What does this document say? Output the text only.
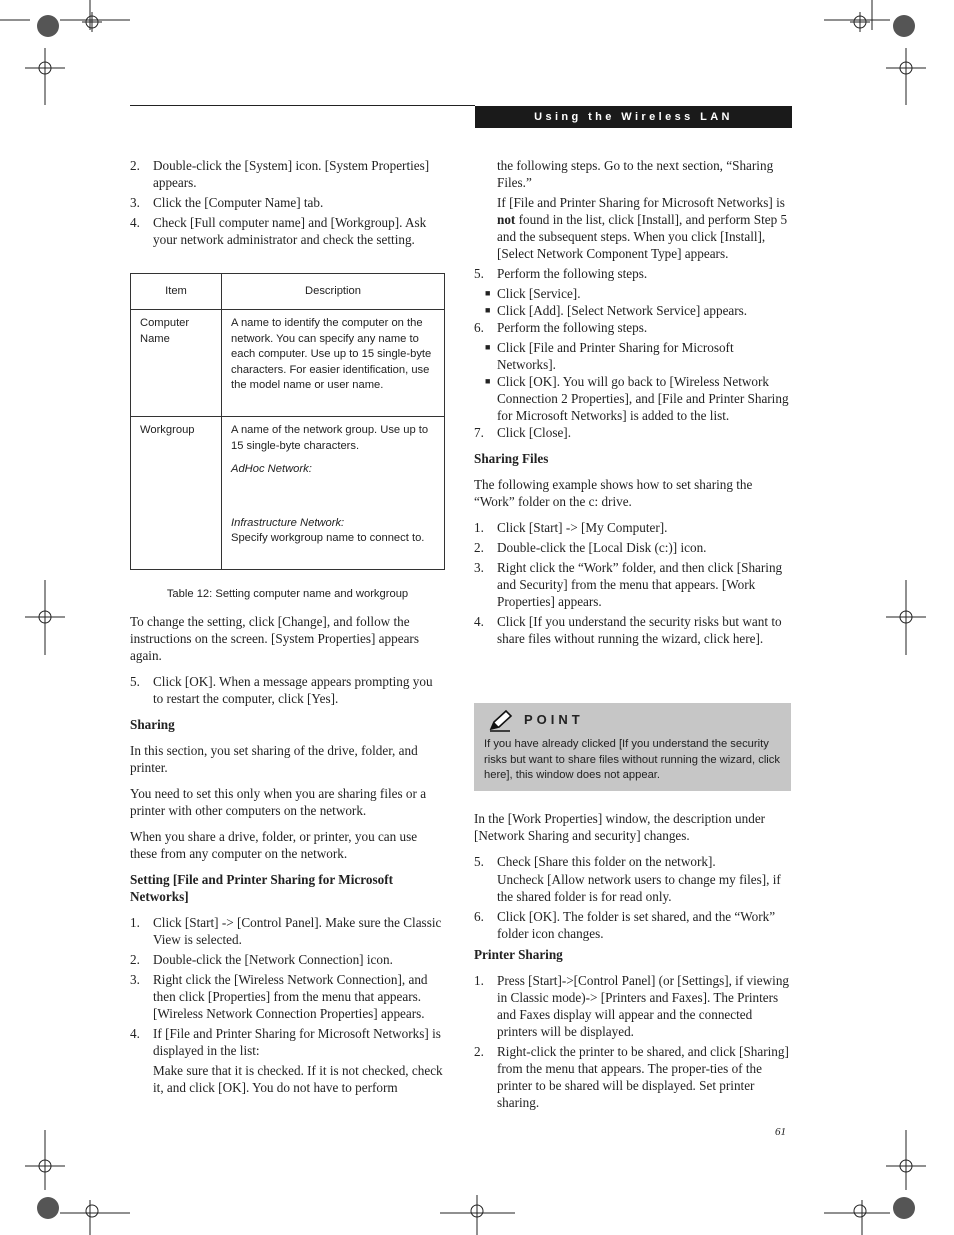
Using the Wireless LAN
2. Double-click the [System] icon. [System Properties] appears.
3. Click the [Computer Name] tab.
4. Check [Full computer name] and [Workgroup]. Ask your network administrator and check the setting.
Item	Description
Computer Name	A name to identify the computer on the network. You can specify any name to each computer. Use up to 15 single-byte characters. For easier identification, use the model name or user name.
Workgroup	A name of the network group. Use up to 15 single-byte characters.
AdHoc Network:
Infrastructure Network:
Specify workgroup name to connect to.
Table 12: Setting computer name and workgroup

To change the setting, click [Change], and follow the instructions on the screen. [System Properties] appears again.

5. Click [OK]. When a message appears prompting you to restart the computer, click [Yes].
Sharing

In this section, you set sharing of the drive, folder, and printer.

You need to set this only when you are sharing files or a printer with other computers on the network.

When you share a drive, folder, or printer, you can use these from any computer on the network.

Setting [File and Printer Sharing for Microsoft Networks]
1. Click [Start] -> [Control Panel]. Make sure the Classic View is selected.
2. Double-click the [Network Connection] icon.
3. Right click the [Wireless Network Connection], and then click [Properties] from the menu that appears. [Wireless Network Connection Properties] appears.
4. If [File and Printer Sharing for Microsoft Networks] is displayed in the list:
Make sure that it is checked. If it is not checked, check it, and click [OK]. You do not have to perform
the following steps. Go to the next section, “Sharing Files.”
If [File and Printer Sharing for Microsoft Networks] is not found in the list, click [Install], and perform Step 5 and the subsequent steps. When you click [Install], [Select Network Component Type] appears.
5. Perform the following steps.
■ Click [Service].
■ Click [Add]. [Select Network Service] appears.
6. Perform the following steps.
■ Click [File and Printer Sharing for Microsoft Networks].
■ Click [OK]. You will go back to [Wireless Network Connection 2 Properties], and [File and Printer Sharing for Microsoft Networks] is added to the list.
7. Click [Close].
Sharing Files

The following example shows how to set sharing the “Work” folder on the c: drive.

1. Click [Start] -> [My Computer].
2. Double-click the [Local Disk (c:)] icon.
3. Right click the “Work” folder, and then click [Sharing and Security] from the menu that appears. [Work Properties] appears.
4. Click [If you understand the security risks but want to share files without running the wizard, click here].
POINT
If you have already clicked [If you understand the security risks but want to share files without running the wizard, click here], this window does not appear.

In the [Work Properties] window, the description under [Network Sharing and security] changes.

5. Check [Share this folder on the network].
Uncheck [Allow network users to change my files], if the shared folder is for read only.
6. Click [OK]. The folder is set shared, and the “Work” folder icon changes.
Printer Sharing
1. Press [Start]->[Control Panel] (or [Settings], if viewing in Classic mode)-> [Printers and Faxes]. The Printers and Faxes display will appear and the connected printers will be displayed.
2. Right-click the printer to be shared, and click [Sharing] from the menu that appears. The proper-ties of the printer to be shared will be displayed. Set printer sharing.
61
